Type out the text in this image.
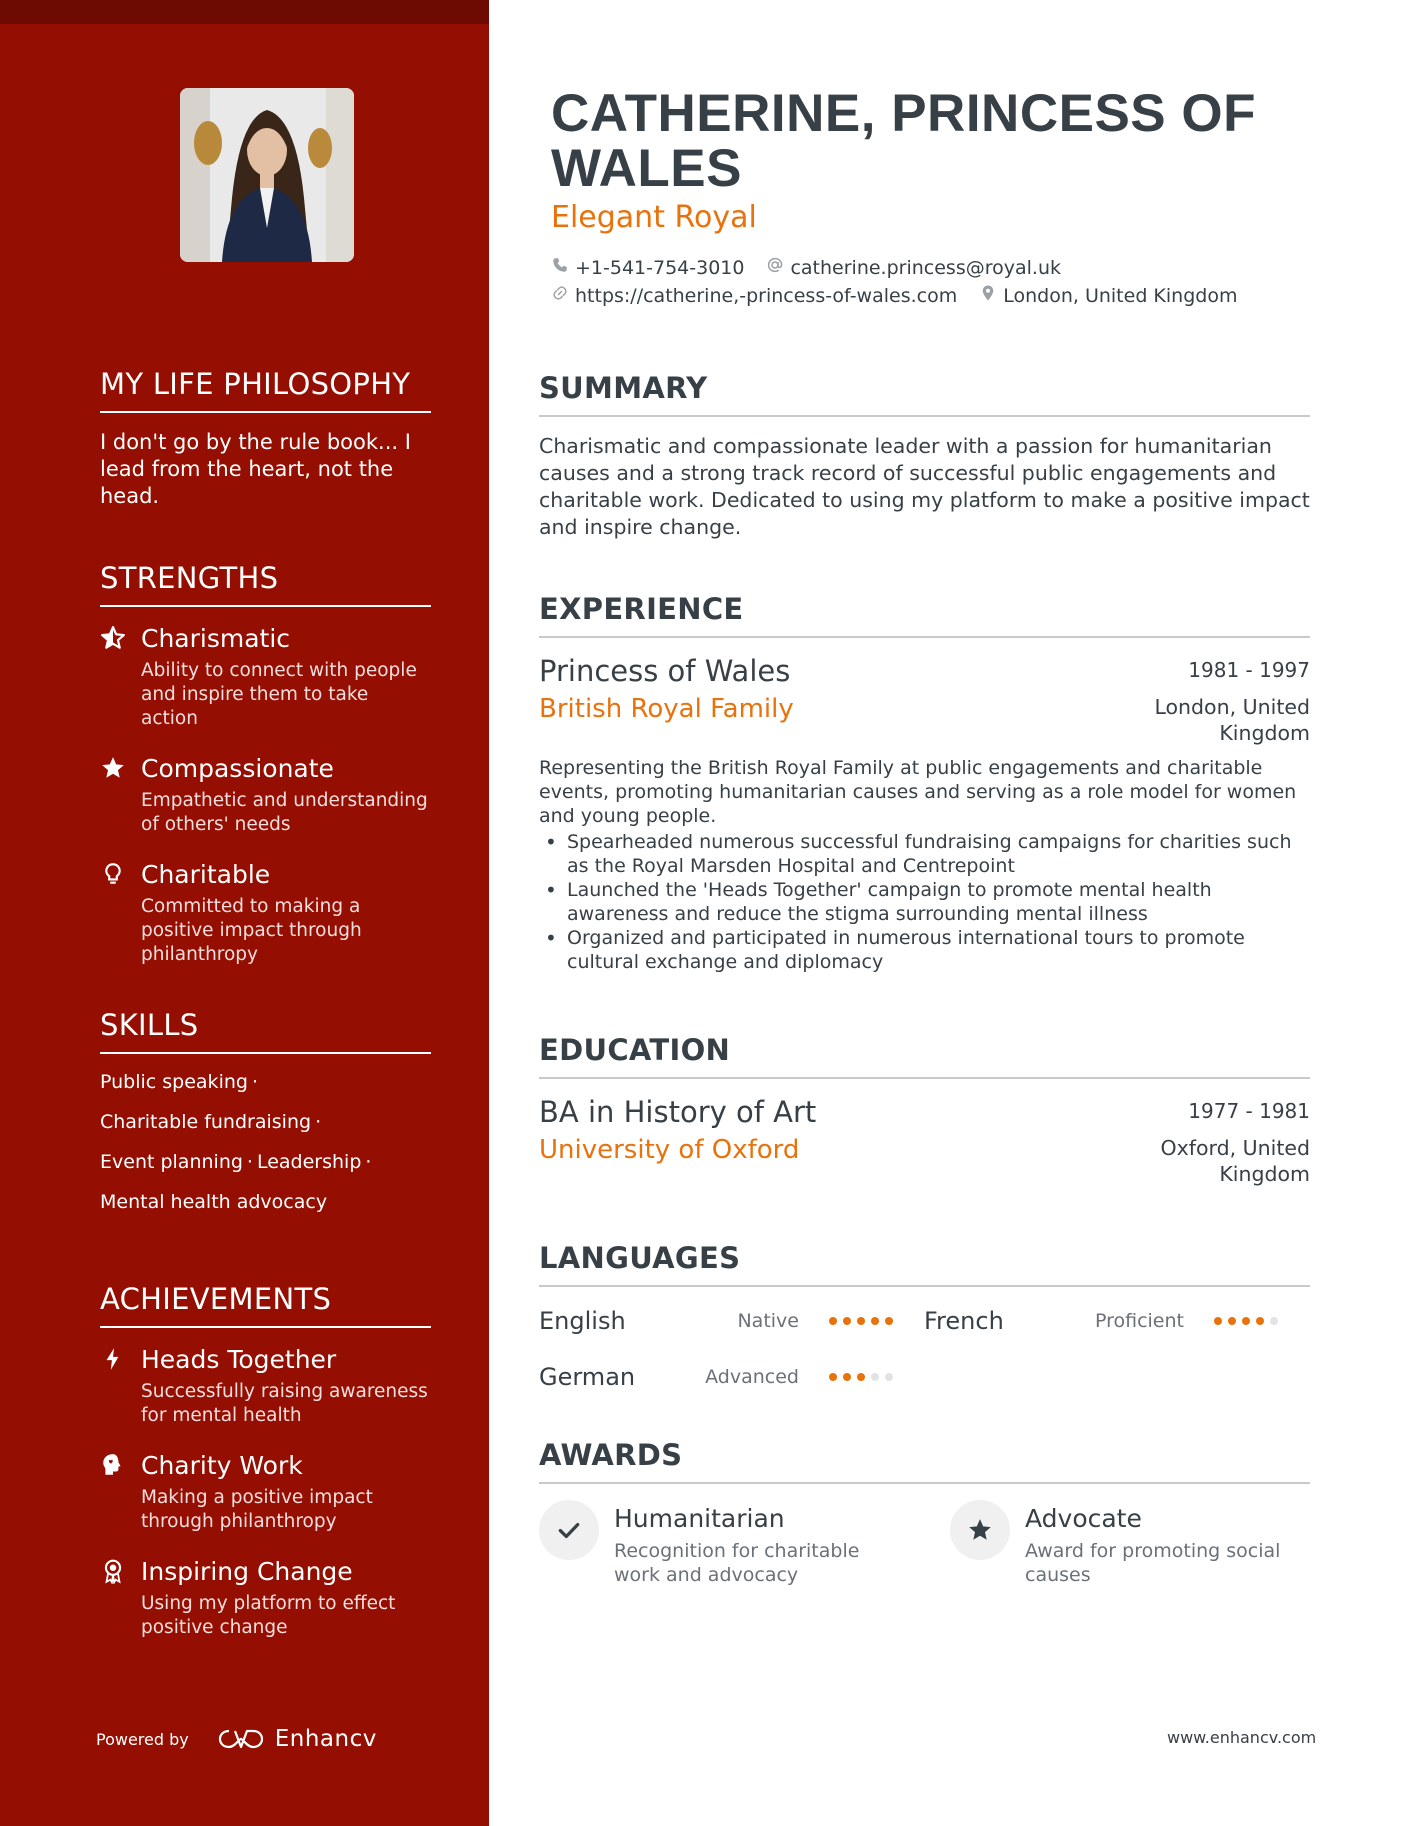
MY LIFE PHILOSOPHY

I don't go by the rule book... I lead from the heart, not the head.

STRENGTHS
Charismatic
Ability to connect with people and inspire them to take action
Compassionate
Empathetic and understanding of others' needs
Charitable
Committed to making a positive impact through philanthropy
SKILLS
Public speaking ·
Charitable fundraising ·
Event planning · Leadership ·
Mental health advocacy
ACHIEVEMENTS
Heads Together
Successfully raising awareness for mental health
Charity Work
Making a positive impact through philanthropy
Inspiring Change
Using my platform to effect positive change
Powered by	Enhancv
CATHERINE, PRINCESS OF WALES
Elegant Royal
+1-541-754-3010 catherine.princess@royal.uk
https://catherine,-princess-of-wales.com London, United Kingdom
SUMMARY

Charismatic and compassionate leader with a passion for humanitarian causes and a strong track record of successful public engagements and charitable work. Dedicated to using my platform to make a positive impact and inspire change.

EXPERIENCE
Princess of Wales	1981 - 1997
British Royal Family	London, United Kingdom

Representing the British Royal Family at public engagements and charitable events, promoting humanitarian causes and serving as a role model for women and young people.

• Spearheaded numerous successful fundraising campaigns for charities such as the Royal Marsden Hospital and Centrepoint
• Launched the 'Heads Together' campaign to promote mental health awareness and reduce the stigma surrounding mental illness
• Organized and participated in numerous international tours to promote cultural exchange and diplomacy
EDUCATION
BA in History of Art	1977 - 1981
University of Oxford	Oxford, United Kingdom
LANGUAGES
English	Native	French	Proficient
German	Advanced
AWARDS
Humanitarian
Recognition for charitable work and advocacy
Advocate
Award for promoting social causes
www.enhancv.com
